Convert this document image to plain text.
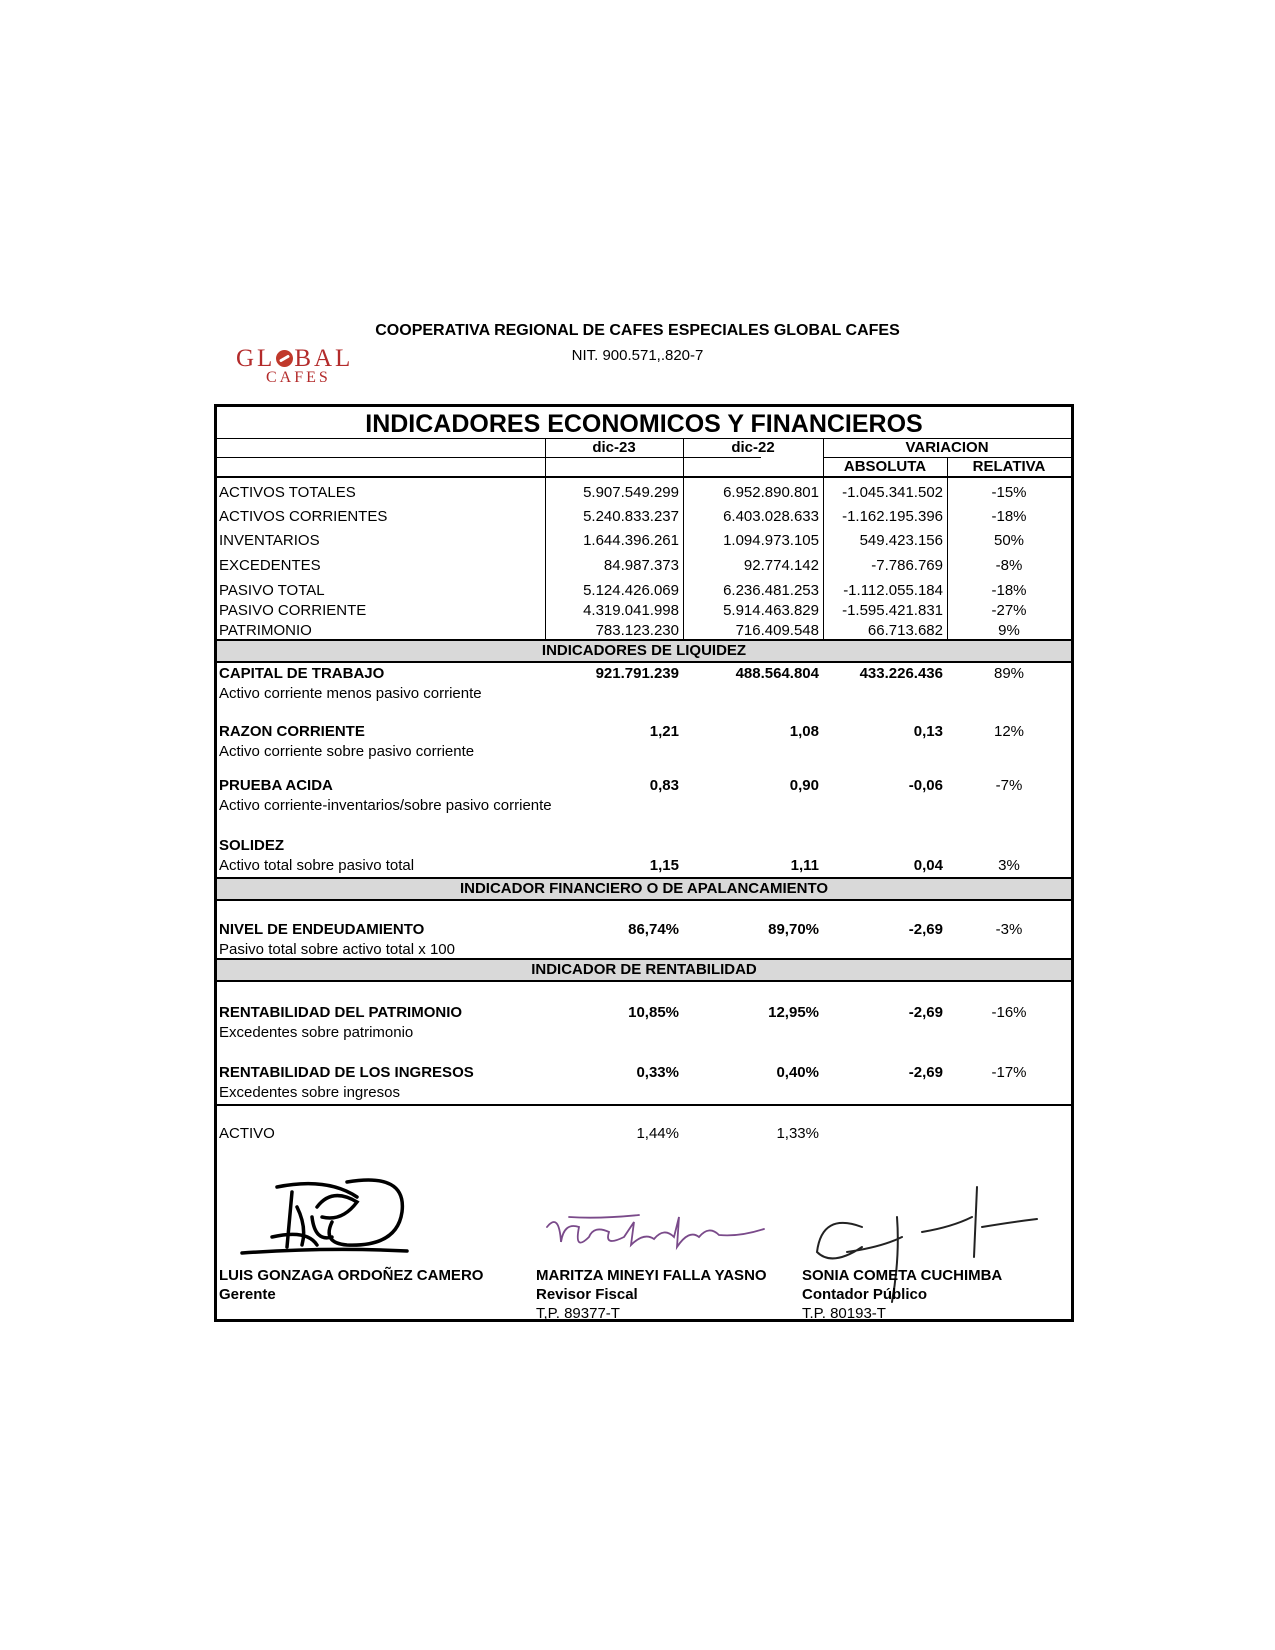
COOPERATIVA REGIONAL DE CAFES ESPECIALES GLOBAL CAFES
NIT. 900.571,.820-7
GL BAL
CAFES
INDICADORES ECONOMICOS Y FINANCIEROS
dic-23	dic-22	VARIACION
ABSOLUTA	RELATIVA
ACTIVOS TOTALES	5.907.549.299	6.952.890.801	-1.045.341.502	-15%
ACTIVOS CORRIENTES	5.240.833.237	6.403.028.633	-1.162.195.396	-18%
INVENTARIOS	1.644.396.261	1.094.973.105	549.423.156	50%
EXCEDENTES	84.987.373	92.774.142	-7.786.769	-8%
PASIVO TOTAL	5.124.426.069	6.236.481.253	-1.112.055.184	-18%
PASIVO CORRIENTE	4.319.041.998	5.914.463.829	-1.595.421.831	-27%
PATRIMONIO	783.123.230	716.409.548	66.713.682	9%
INDICADORES DE LIQUIDEZ
CAPITAL DE TRABAJO
Activo corriente menos pasivo corriente
921.791.239	488.564.804	433.226.436	89%
RAZON CORRIENTE
Activo corriente sobre pasivo corriente
1,21	1,08	0,13	12%
PRUEBA ACIDA
Activo corriente-inventarios/sobre pasivo corriente
0,83	0,90	-0,06	-7%
SOLIDEZ
Activo total sobre pasivo total	1,15	1,11	0,04	3%
INDICADOR FINANCIERO O DE APALANCAMIENTO
NIVEL DE ENDEUDAMIENTO
Pasivo total sobre activo total x 100
86,74%	89,70%	-2,69	-3%
INDICADOR DE RENTABILIDAD
RENTABILIDAD DEL PATRIMONIO
Excedentes sobre patrimonio
10,85%	12,95%	-2,69	-16%
RENTABILIDAD DE LOS INGRESOS
Excedentes sobre ingresos
0,33%	0,40%	-2,69	-17%
ACTIVO	1,44%	1,33%
LUIS GONZAGA ORDOÑEZ CAMERO
Gerente
MARITZA MINEYI FALLA YASNO
Revisor Fiscal
T,P. 89377-T
SONIA COMETA CUCHIMBA
Contador Público
T.P. 80193-T
